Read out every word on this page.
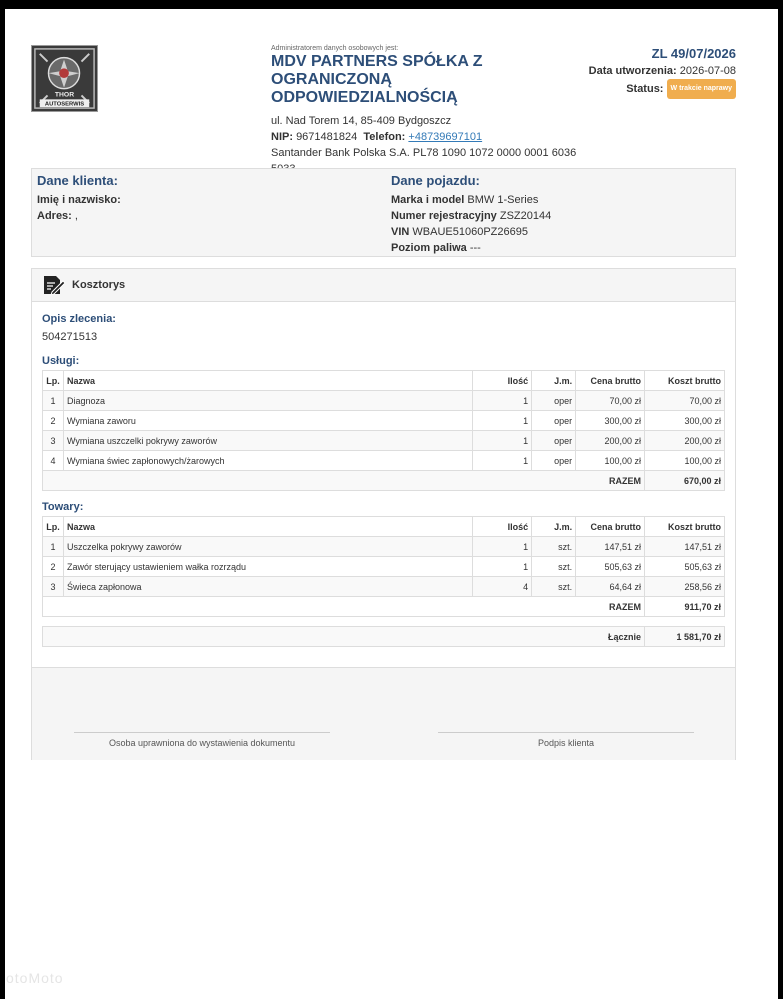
THOR
AUTOSERWIS
Administratorem danych osobowych jest:
MDV PARTNERS SPÓŁKA Z OGRANICZONĄ ODPOWIEDZIALNOŚCIĄ
ul. Nad Torem 14, 85-409 Bydgoszcz
NIP: 9671481824 Telefon: +48739697101
Santander Bank Polska S.A. PL78 1090 1072 0000 0001 6036
ZL 49/07/2026
Data utworzenia: 2026-07-08
Status: W trakcie naprawy
Dane klienta:
Imię i nazwisko:
Adres: ,
Dane pojazdu:
Marka i model BMW 1-Series
Numer rejestracyjny ZSZ20144
VIN WBAUE51060PZ26695
Poziom paliwa ---
Kosztorys
Opis zlecenia:
504271513
Usługi:
Lp.	Nazwa	Ilość	J.m.	Cena brutto	Koszt brutto
1	Diagnoza	1	oper	70,00 zł	70,00 zł
2	Wymiana zaworu	1	oper	300,00 zł	300,00 zł
3	Wymiana uszczelki pokrywy zaworów	1	oper	200,00 zł	200,00 zł
4	Wymiana świec zapłonowych/żarowych	1	oper	100,00 zł	100,00 zł
RAZEM					670,00 zł
Towary:
Lp.	Nazwa	Ilość	J.m.	Cena brutto	Koszt brutto
1	Uszczelka pokrywy zaworów	1	szt.	147,51 zł	147,51 zł
2	Zawór sterujący ustawieniem wałka rozrządu	1	szt.	505,63 zł	505,63 zł
3	Świeca zapłonowa	4	szt.	64,64 zł	258,56 zł
RAZEM					911,70 zł
Łącznie	1 581,70 zł
Osoba uprawniona do wystawienia dokumentu	Podpis klienta
otoMoto
